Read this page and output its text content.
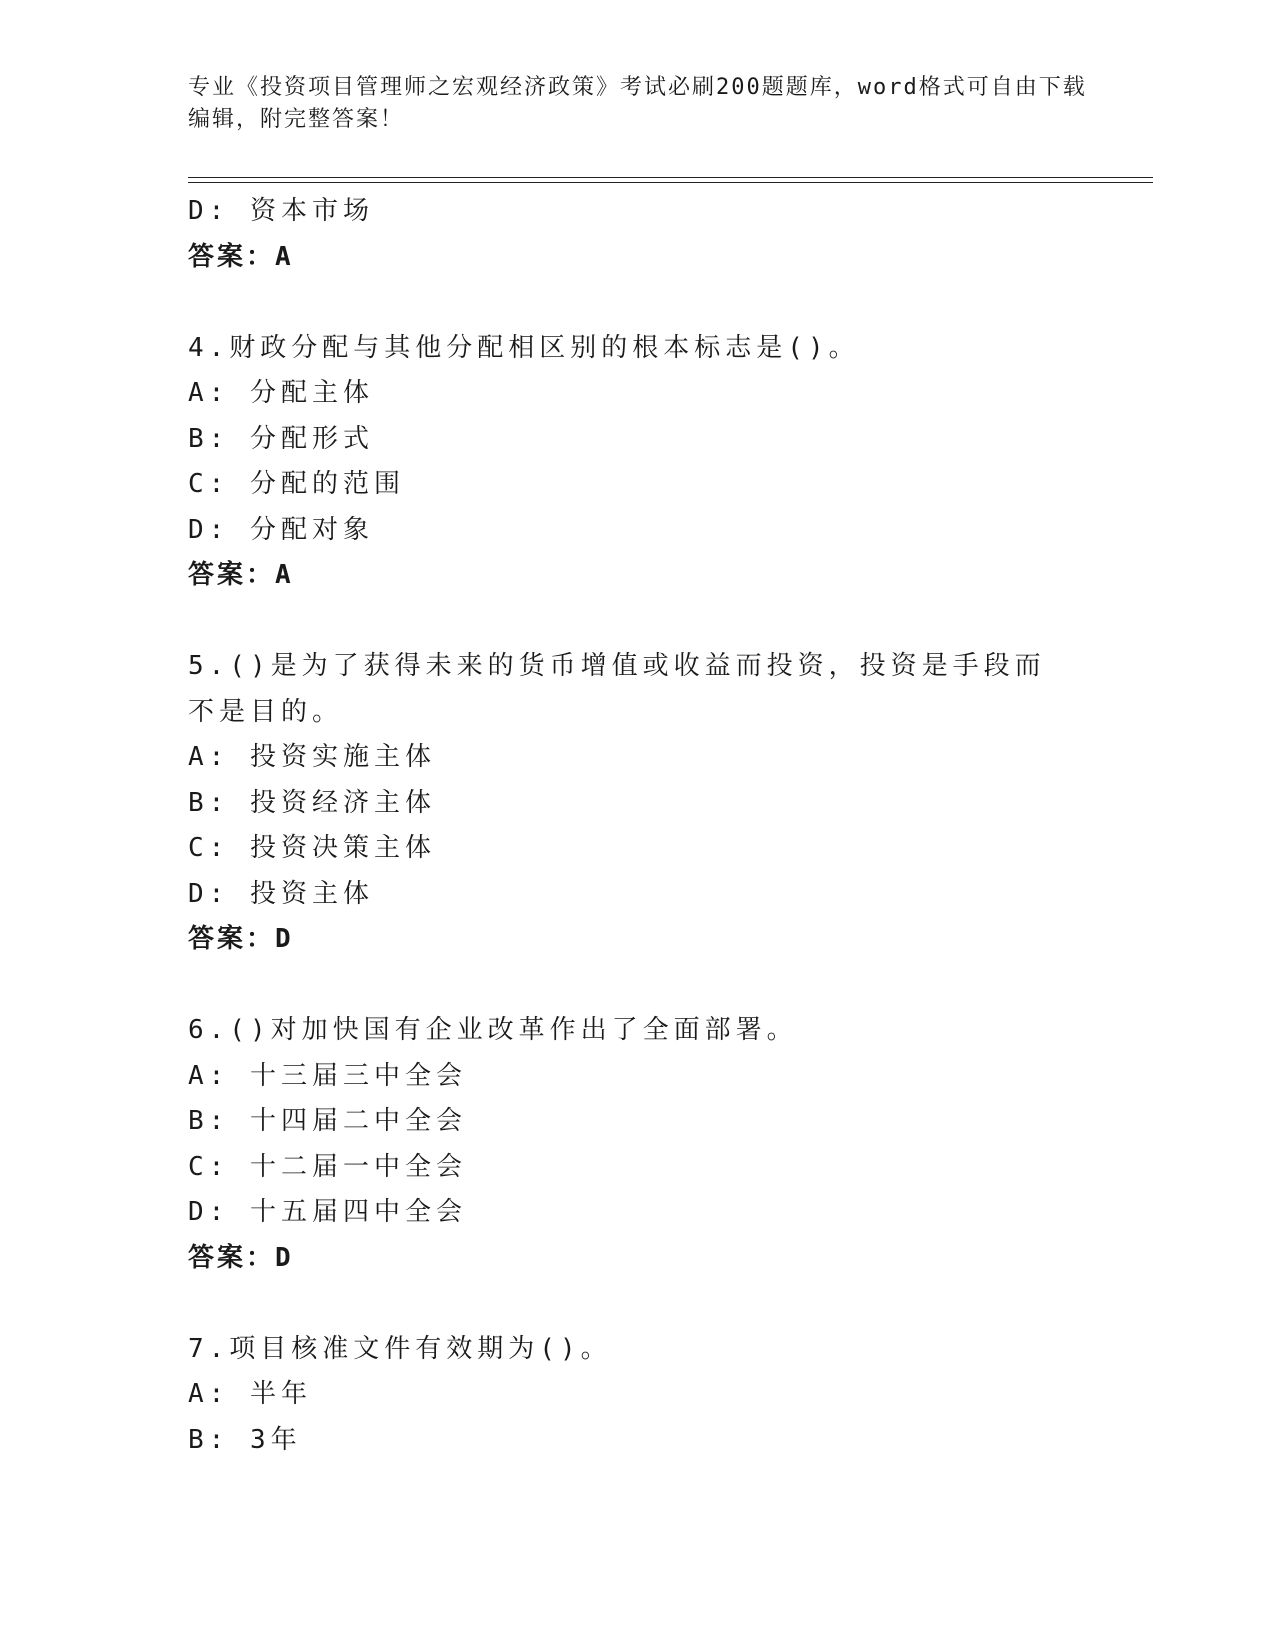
专业《投资项目管理师之宏观经济政策》考试必刷200题题库，word格式可自由下载编辑，附完整答案！
D: 资本市场
答案：A
4.财政分配与其他分配相区别的根本标志是()。
A: 分配主体
B: 分配形式
C: 分配的范围
D: 分配对象
答案：A
5.()是为了获得未来的货币增值或收益而投资，投资是手段而不是目的。
A: 投资实施主体
B: 投资经济主体
C: 投资决策主体
D: 投资主体
答案：D
6.()对加快国有企业改革作出了全面部署。
A: 十三届三中全会
B: 十四届二中全会
C: 十二届一中全会
D: 十五届四中全会
答案：D
7.项目核准文件有效期为()。
A: 半年
B: 3年
